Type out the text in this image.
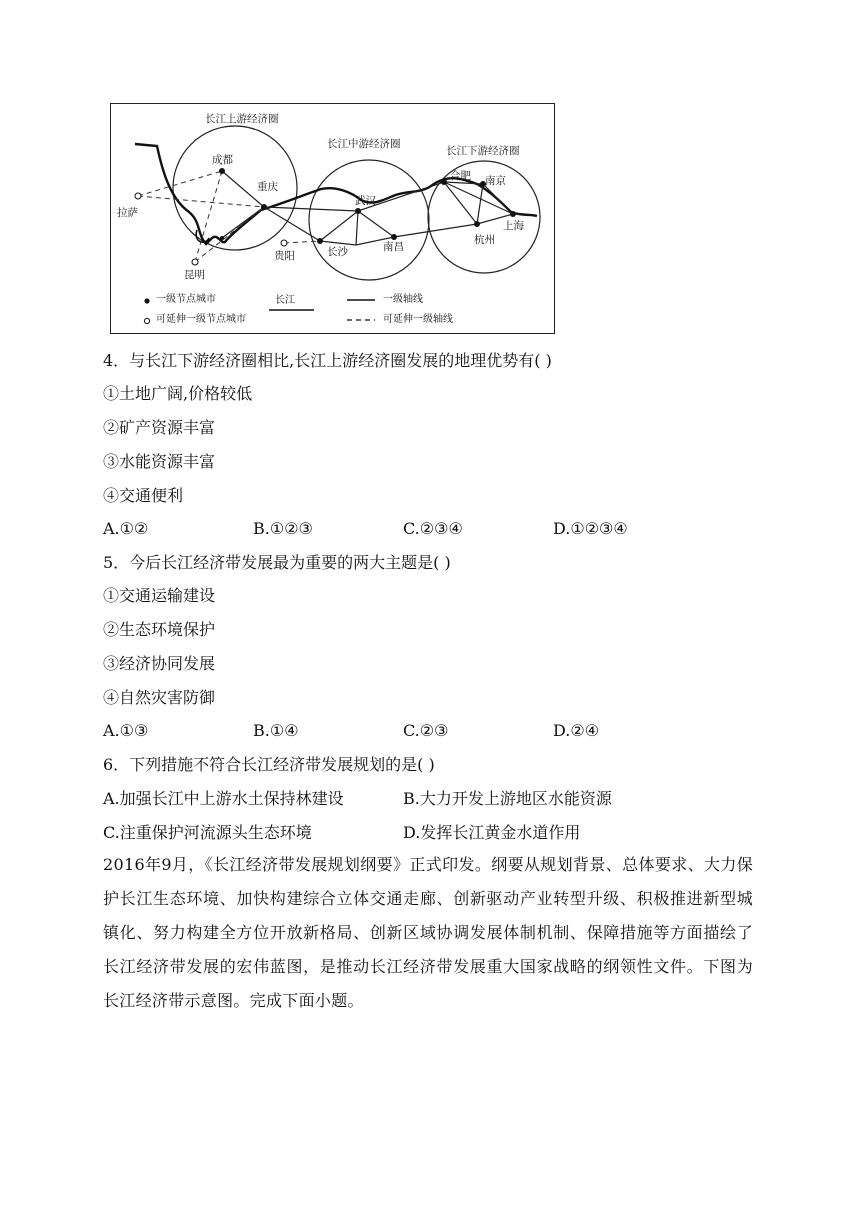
长江上游经济圈
长江中游经济圈
长江下游经济圈
成都
重庆
拉萨
昆明
贵阳
武汉
长沙	南昌
合肥 南京
杭州
上海
一级节点城市
可延伸一级节点城市
长江	一级轴线
可延伸一级轴线
4．与长江下游经济圈相比,长江上游经济圈发展的地理优势有( )
①土地广阔,价格较低
②矿产资源丰富
③水能资源丰富
④交通便利
A.①②	B.①②③	C.②③④	D.①②③④
5．今后长江经济带发展最为重要的两大主题是( )
①交通运输建设
②生态环境保护
③经济协同发展
④自然灾害防御
A.①③	B.①④	C.②③	D.②④
6．下列措施不符合长江经济带发展规划的是( )
A.加强长江中上游水土保持林建设	B.大力开发上游地区水能资源
C.注重保护河流源头生态环境	D.发挥长江黄金水道作用
2016年9月，《长江经济带发展规划纲要》正式印发。纲要从规划背景、总体要求、大力保护长江生态环境、加快构建综合立体交通走廊、创新驱动产业转型升级、积极推进新型城镇化、努力构建全方位开放新格局、创新区域协调发展体制机制、保障措施等方面描绘了长江经济带发展的宏伟蓝图，是推动长江经济带发展重大国家战略的纲领性文件。下图为长江经济带示意图。完成下面小题。
